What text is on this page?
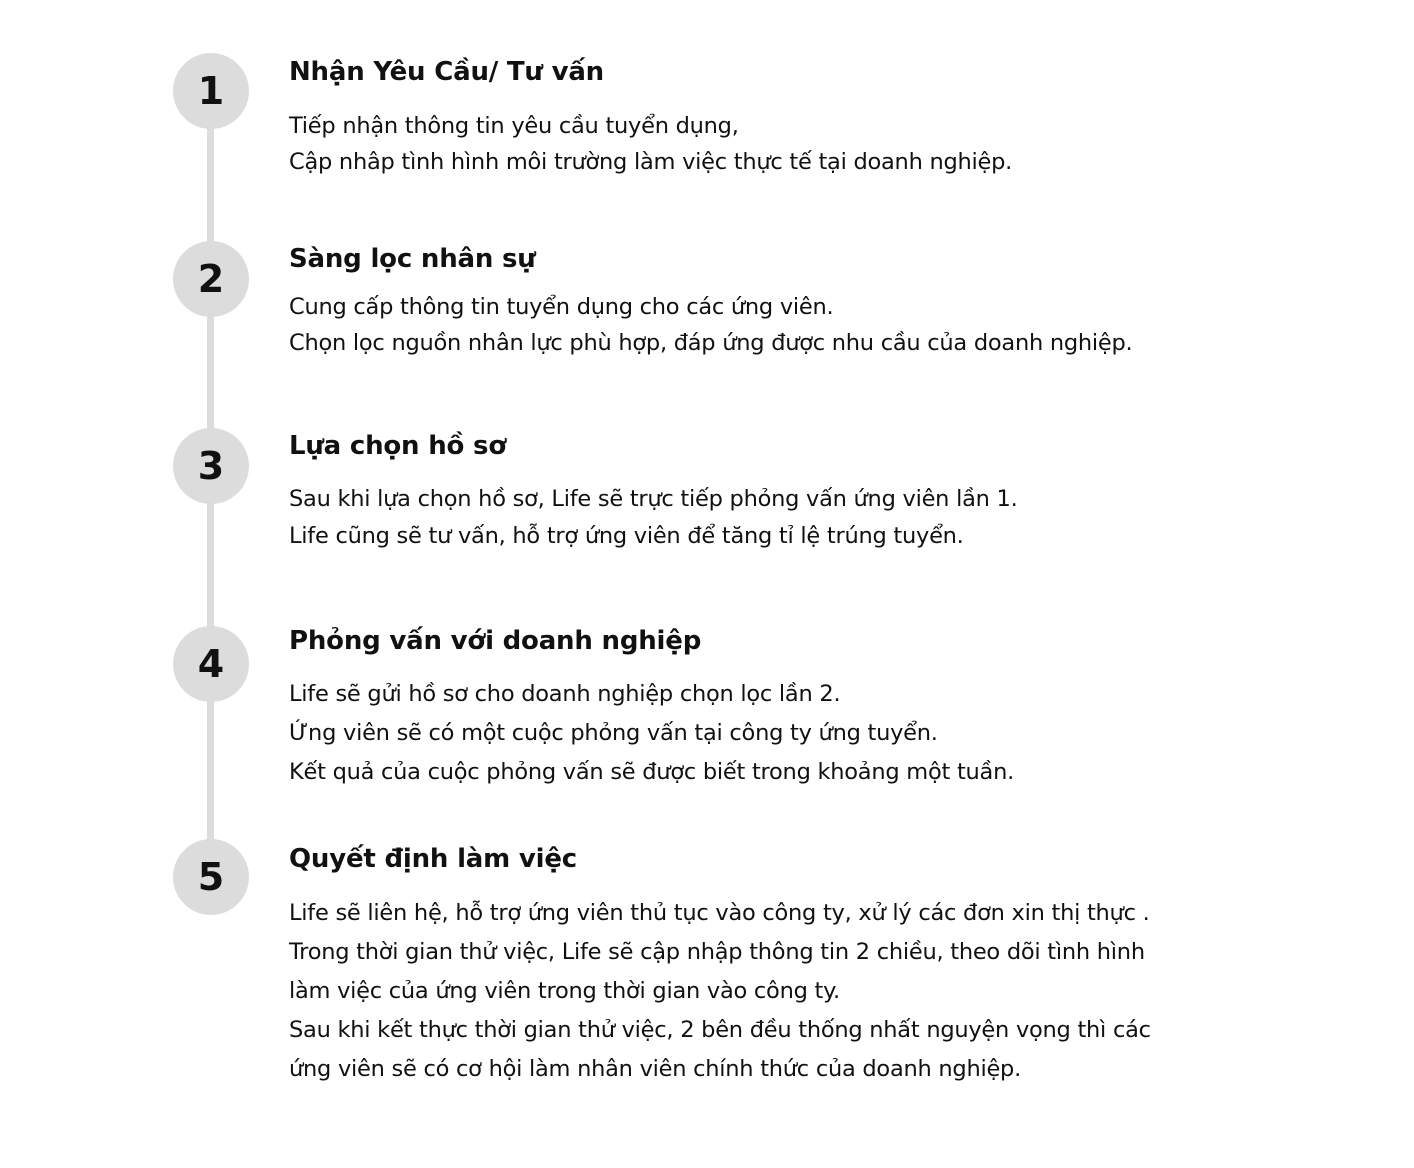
1	Nhận Yêu Cầu/ Tư vấn
Tiếp nhận thông tin yêu cầu tuyển dụng,
Cập nhâp tình hình môi trường làm việc thực tế tại doanh nghiệp.
2	Sàng lọc nhân sự
Cung cấp thông tin tuyển dụng cho các ứng viên.
Chọn lọc nguồn nhân lực phù hợp, đáp ứng được nhu cầu của doanh nghiệp.
3	Lựa chọn hồ sơ
Sau khi lựa chọn hồ sơ, Life sẽ trực tiếp phỏng vấn ứng viên lần 1.
Life cũng sẽ tư vấn, hỗ trợ ứng viên để tăng tỉ lệ trúng tuyển.
4
Phỏng vấn với doanh nghiệp
Life sẽ gửi hồ sơ cho doanh nghiệp chọn lọc lần 2.
Ứng viên sẽ có một cuộc phỏng vấn tại công ty ứng tuyển.
Kết quả của cuộc phỏng vấn sẽ được biết trong khoảng một tuần.
5	Quyết định làm việc
Life sẽ liên hệ, hỗ trợ ứng viên thủ tục vào công ty, xử lý các đơn xin thị thực .
Trong thời gian thử việc, Life sẽ cập nhập thông tin 2 chiều, theo dõi tình hình
làm việc của ứng viên trong thời gian vào công ty.
Sau khi kết thực thời gian thử việc, 2 bên đều thống nhất nguyện vọng thì các
ứng viên sẽ có cơ hội làm nhân viên chính thức của doanh nghiệp.
